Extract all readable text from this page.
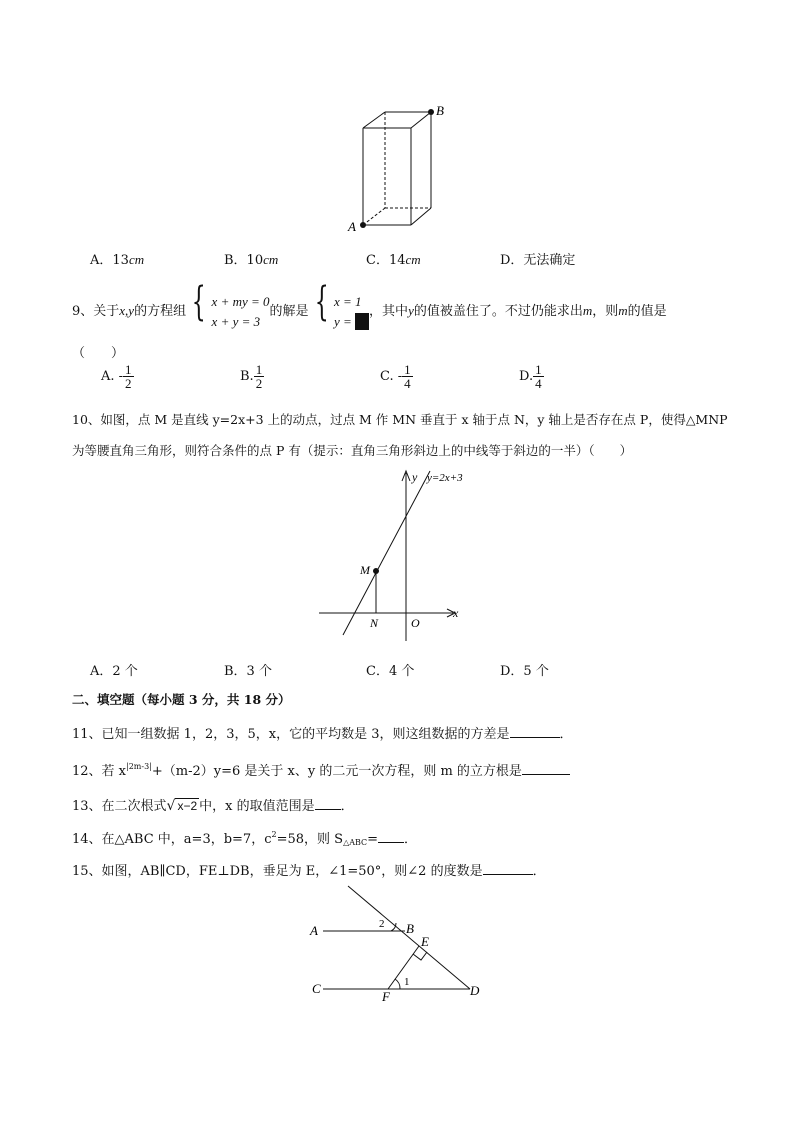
A
B
A．13cm	B．10cm	C．14cm	D．无法确定
9、关于x,y的方程组 { x + my = 0
x + y = 3
的解是 { x = 1
y =
，其中y的值被盖住了。不过仍能求出m，则m的值是
（　　）
A. - $\frac{1}{2}$	B. $\frac{1}{2}$	C. - $\frac{1}{4}$	D. $\frac{1}{4}$
10、如图，点 M 是直线 y=2x+3 上的动点，过点 M 作 MN 垂直于 x 轴于点 N，y 轴上是否存在点 P，使得△MNP
为等腰直角三角形，则符合条件的点 P 有（提示：直角三角形斜边上的中线等于斜边的一半）（　　）
y
x
y=2x+3
M
N	O
A．2 个	B．3 个	C．4 个	D．5 个
二、填空题（每小题 3 分，共 18 分）
11、已知一组数据 1，2，3，5，x，它的平均数是 3，则这组数据的方差是	．
12、若 $x^{|2m-3|}+(m-2)y=6$ 是关于 x、y 的二元一次方程，则 m 的立方根是
13、在二次根式√ x−2 中，x 的取值范围是 ．
14、在△ABC 中，a=3，b=7，$c^2=58$，则 $S_{\triangle ABC}=$ ．
15、如图，AB∥CD，FE⊥DB，垂足为 E，∠1=50°，则∠2 的度数是	．
A	B
E
C
F	D
1
2
